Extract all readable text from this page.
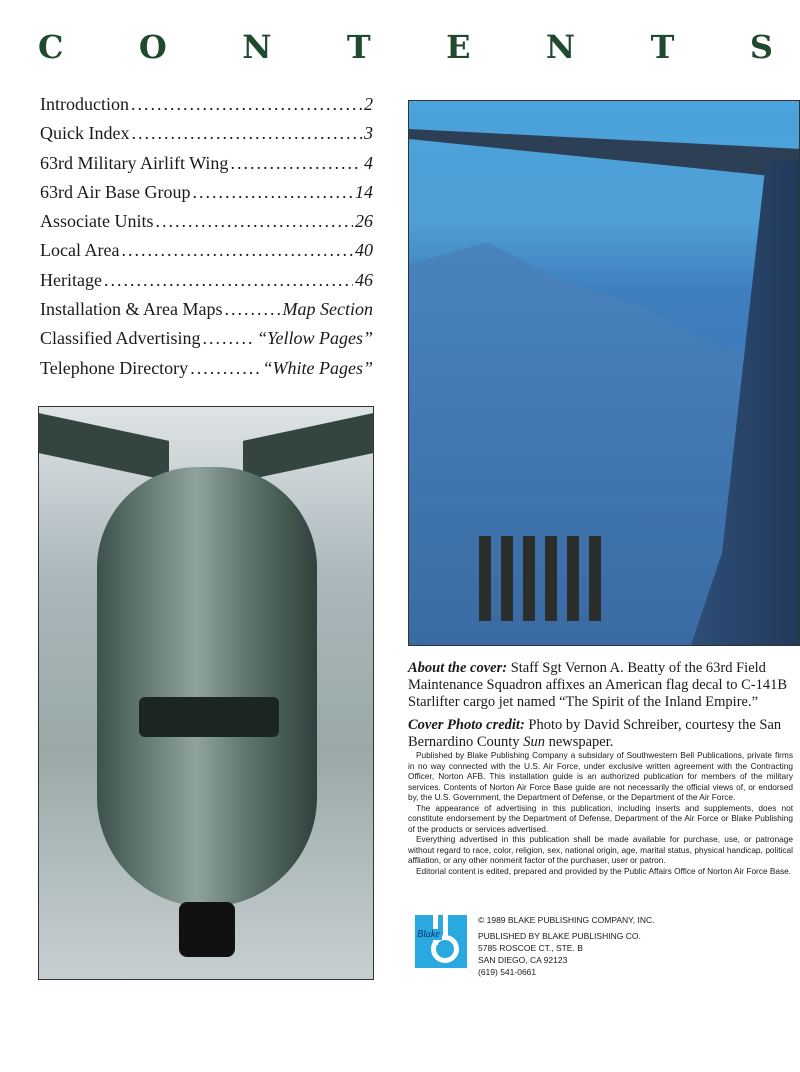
C O N T E N T S
Introduction .....	2
Quick Index .....	3
63rd Military Airlift Wing .....	4
63rd Air Base Group .....	14
Associate Units .....	26
Local Area .....	40
Heritage .....	46
Installation & Area Maps .....	Map Section
Classified Advertising .....	“Yellow Pages”
Telephone Directory .....	“White Pages”

About the cover: Staff Sgt Vernon A. Beatty of the 63rd Field Maintenance Squadron affixes an American flag decal to C-141B Starlifter cargo jet named “The Spirit of the Inland Empire.”

Cover Photo credit: Photo by David Schreiber, courtesy the San Bernardino County Sun newspaper.

Published by Blake Publishing Company a subsidary of Southwestern Bell Publications, private firms in no way connected with the U.S. Air Force, under exclusive written agreement with the Contracting Officer, Norton AFB. This installation guide is an authorized publication for members of the military services. Contents of Norton Air Force Base guide are not necessarily the official views of, or endorsed by, the U.S. Government, the Department of Defense, or the Department of the Air Force.

The appearance of advertising in this publication, including inserts and supplements, does not constitute endorsement by the Department of Defense, Department of the Air Force or Blake Publishing of the products or services advertised.

Everything advertised in this publication shall be made available for purchase, use, or patronage without regard to race, color, religion, sex, national origin, age, marital status, physical handicap, political affliation, or any other nonmerit factor of the purchaser, user or patron.

Editorial content is edited, prepared and provided by the Public Affairs Office of Norton Air Force Base.

Blake
© 1989 BLAKE PUBLISHING COMPANY, INC.
PUBLISHED BY BLAKE PUBLISHING CO.
5785 ROSCOE CT., STE. B
SAN DIEGO, CA 92123
(619) 541-0661
